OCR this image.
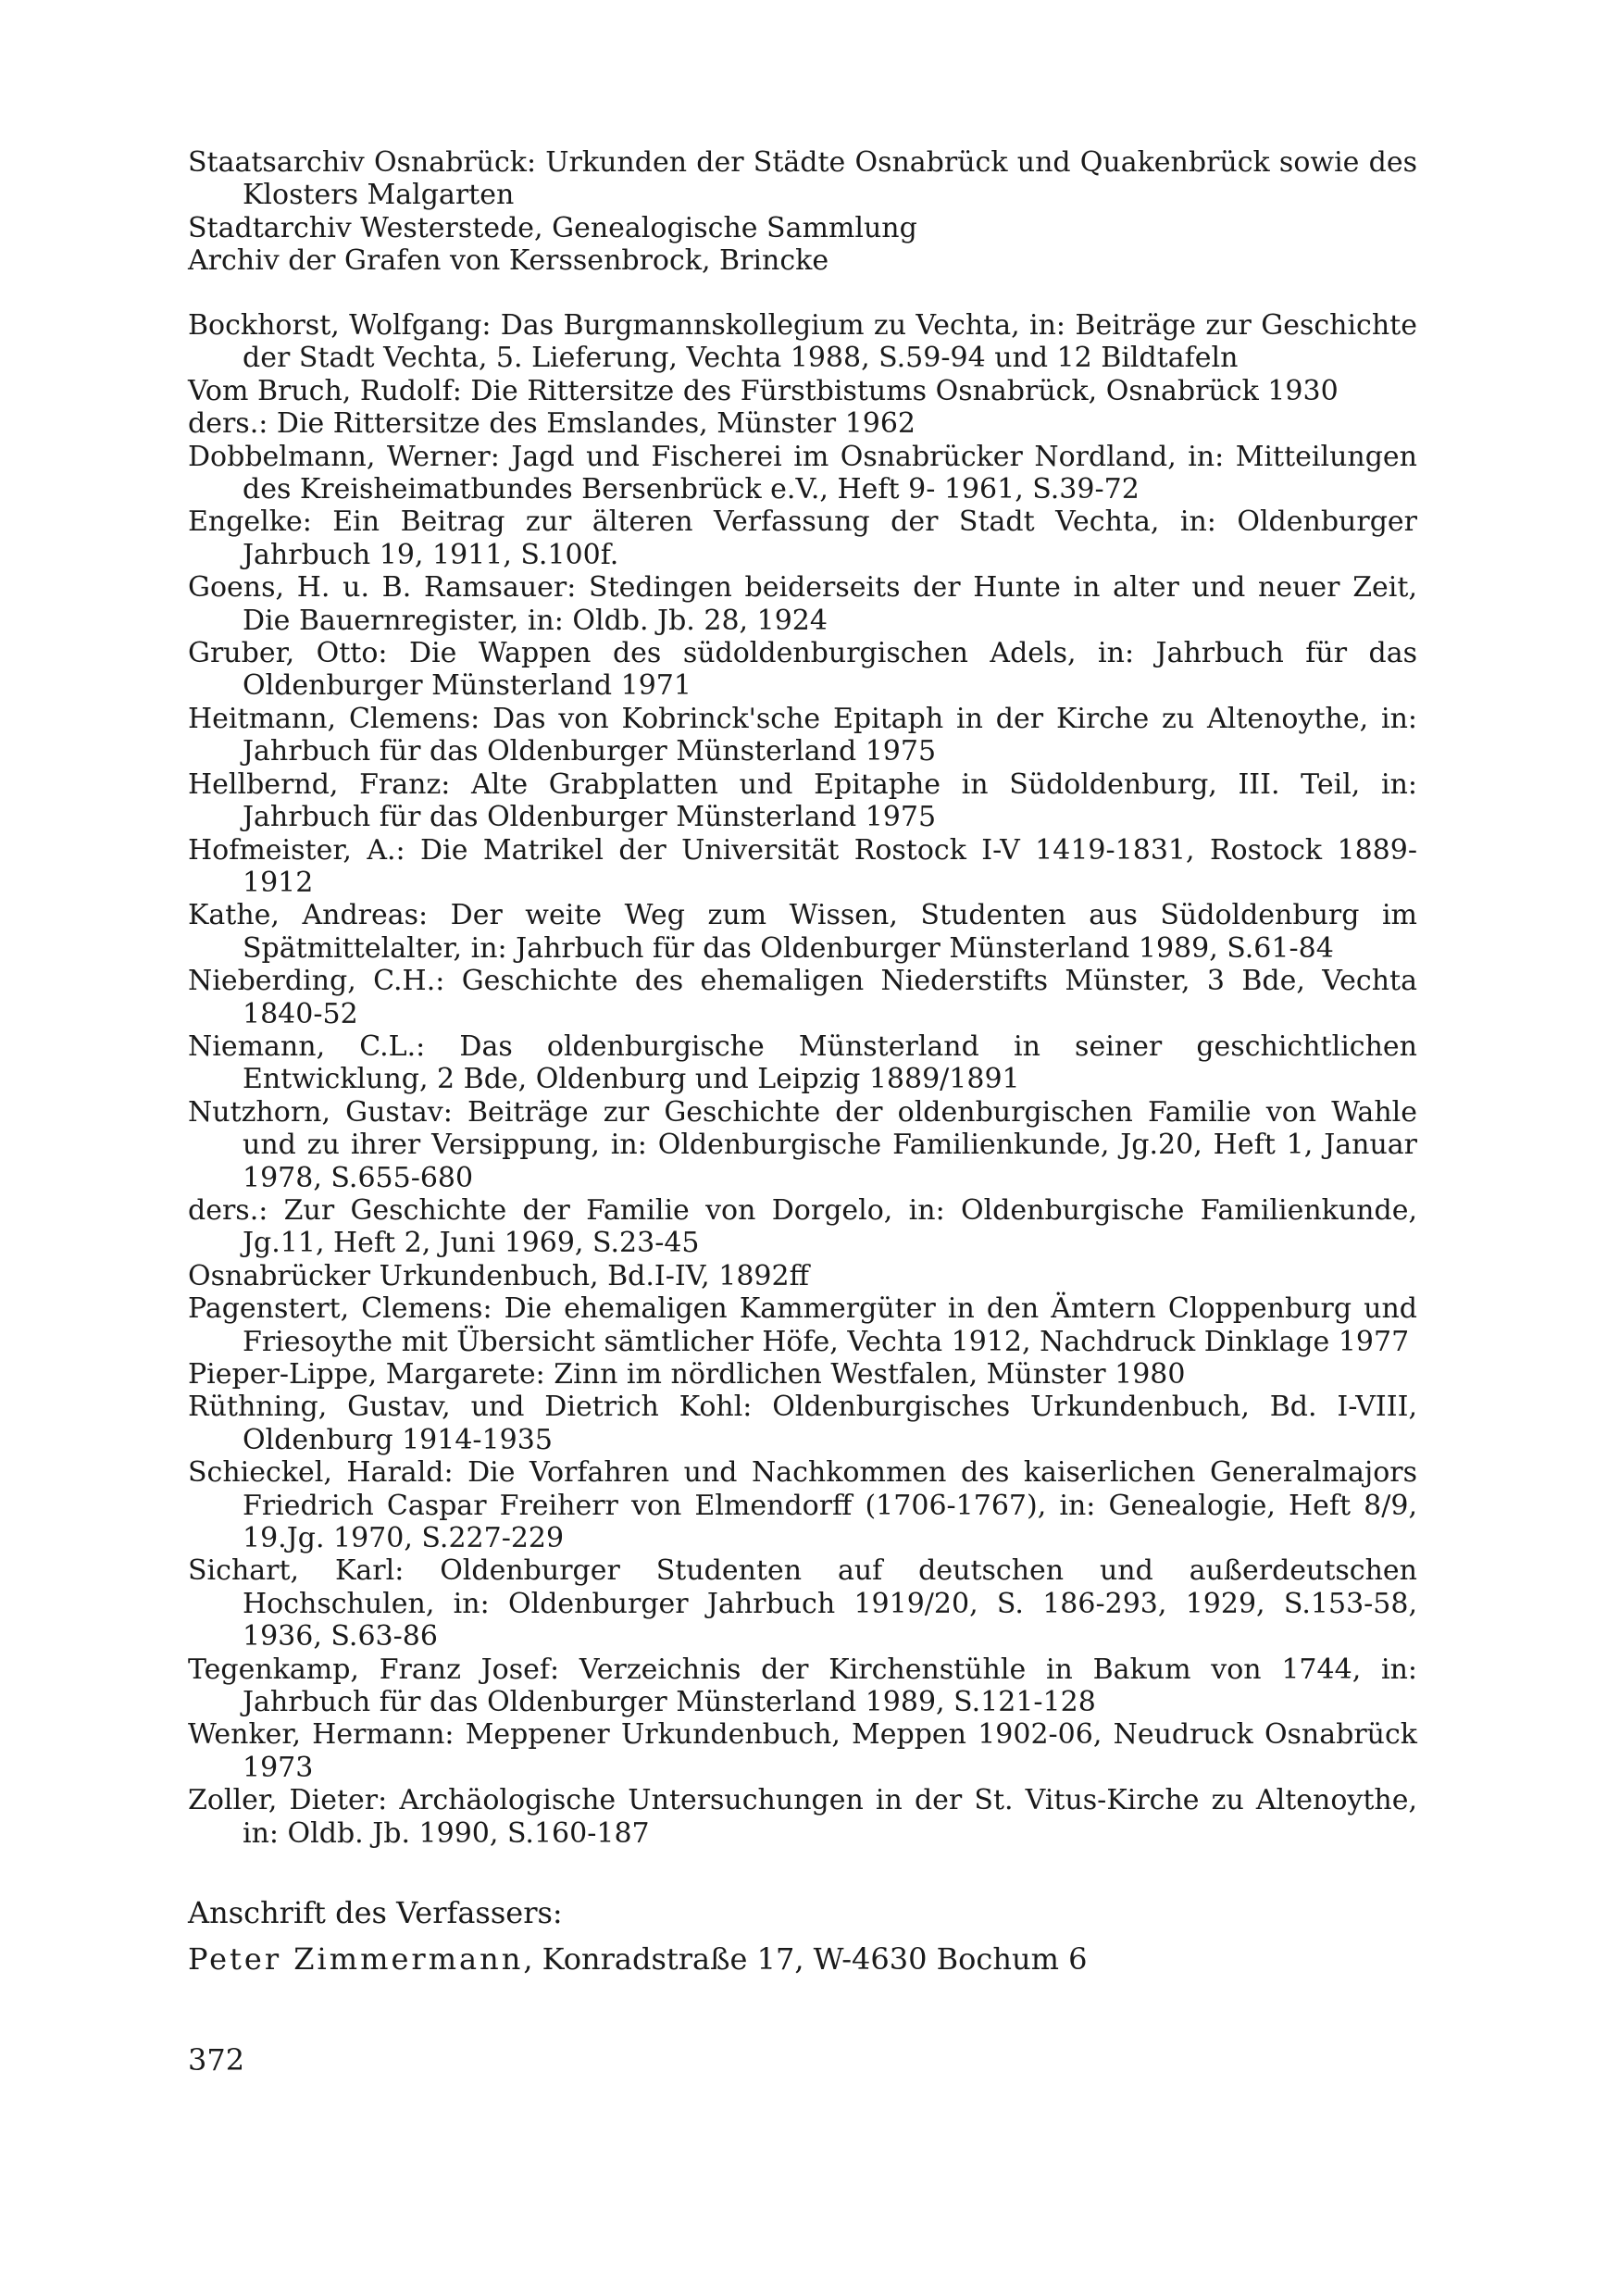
Staatsarchiv Osnabrück: Urkunden der Städte Osnabrück und Quakenbrück sowie des Klosters Malgarten

Stadtarchiv Westerstede, Genealogische Sammlung

Archiv der Grafen von Kerssenbrock, Brincke

Bockhorst, Wolfgang: Das Burgmannskollegium zu Vechta, in: Beiträge zur Geschichte der Stadt Vechta, 5. Lieferung, Vechta 1988, S.59-94 und 12 Bildtafeln

Vom Bruch, Rudolf: Die Rittersitze des Fürstbistums Osnabrück, Osnabrück 1930

ders.: Die Rittersitze des Emslandes, Münster 1962

Dobbelmann, Werner: Jagd und Fischerei im Osnabrücker Nordland, in: Mitteilungen des Kreisheimatbundes Bersenbrück e.V., Heft 9- 1961, S.39-72

Engelke: Ein Beitrag zur älteren Verfassung der Stadt Vechta, in: Oldenburger Jahrbuch 19, 1911, S.100f.

Goens, H. u. B. Ramsauer: Stedingen beiderseits der Hunte in alter und neuer Zeit, Die Bauernregister, in: Oldb. Jb. 28, 1924

Gruber, Otto: Die Wappen des südoldenburgischen Adels, in: Jahrbuch für das Oldenburger Münsterland 1971

Heitmann, Clemens: Das von Kobrinck'sche Epitaph in der Kirche zu Altenoythe, in: Jahrbuch für das Oldenburger Münsterland 1975

Hellbernd, Franz: Alte Grabplatten und Epitaphe in Südoldenburg, III. Teil, in: Jahrbuch für das Oldenburger Münsterland 1975

Hofmeister, A.: Die Matrikel der Universität Rostock I-V 1419-1831, Rostock 1889-1912

Kathe, Andreas: Der weite Weg zum Wissen, Studenten aus Südoldenburg im Spätmittelalter, in: Jahrbuch für das Oldenburger Münsterland 1989, S.61-84

Nieberding, C.H.: Geschichte des ehemaligen Niederstifts Münster, 3 Bde, Vechta 1840-52

Niemann, C.L.: Das oldenburgische Münsterland in seiner geschichtlichen Entwicklung, 2 Bde, Oldenburg und Leipzig 1889/1891

Nutzhorn, Gustav: Beiträge zur Geschichte der oldenburgischen Familie von Wahle und zu ihrer Versippung, in: Oldenburgische Familienkunde, Jg.20, Heft 1, Januar 1978, S.655-680

ders.: Zur Geschichte der Familie von Dorgelo, in: Oldenburgische Familienkunde, Jg.11, Heft 2, Juni 1969, S.23-45

Osnabrücker Urkundenbuch, Bd.I-IV, 1892ff

Pagenstert, Clemens: Die ehemaligen Kammergüter in den Ämtern Cloppenburg und Friesoythe mit Übersicht sämtlicher Höfe, Vechta 1912, Nachdruck Dinklage 1977

Pieper-Lippe, Margarete: Zinn im nördlichen Westfalen, Münster 1980

Rüthning, Gustav, und Dietrich Kohl: Oldenburgisches Urkundenbuch, Bd. I-VIII, Oldenburg 1914-1935

Schieckel, Harald: Die Vorfahren und Nachkommen des kaiserlichen Generalmajors Friedrich Caspar Freiherr von Elmendorff (1706-1767), in: Genealogie, Heft 8/9, 19.Jg. 1970, S.227-229

Sichart, Karl: Oldenburger Studenten auf deutschen und außerdeutschen Hochschulen, in: Oldenburger Jahrbuch 1919/20, S. 186-293, 1929, S.153-58, 1936, S.63-86

Tegenkamp, Franz Josef: Verzeichnis der Kirchenstühle in Bakum von 1744, in: Jahrbuch für das Oldenburger Münsterland 1989, S.121-128

Wenker, Hermann: Meppener Urkundenbuch, Meppen 1902-06, Neudruck Osnabrück 1973

Zoller, Dieter: Archäologische Untersuchungen in der St. Vitus-Kirche zu Altenoythe, in: Oldb. Jb. 1990, S.160-187

Anschrift des Verfassers:
Peter Zimmermann, Konradstraße 17, W-4630 Bochum 6
372
